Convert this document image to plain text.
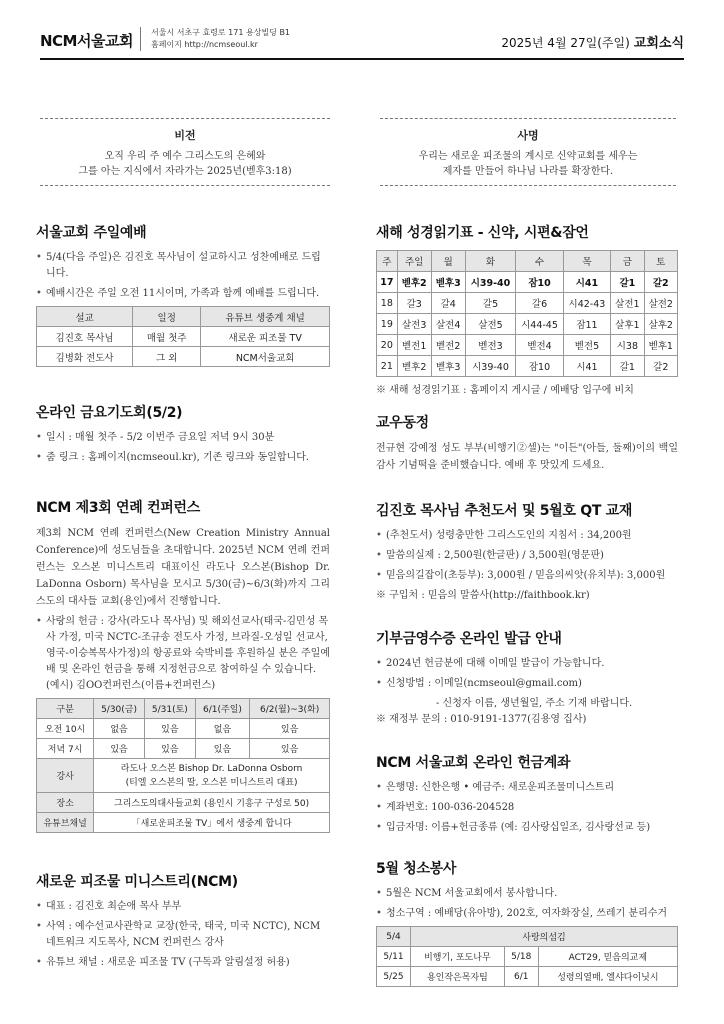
NCM서울교회 서울시 서초구 효령로 171 용상빌딩 B1
홈페이지 http://ncmseoul.kr	2025년 4월 27일(주일) 교회소식
비전
오직 우리 주 예수 그리스도의 은혜와
그를 아는 지식에서 자라가는 2025년(벧후3:18)
서울교회 주일예배
• 5/4(다음 주일)은 김진호 목사님이 설교하시고 성찬예배로 드립니다.
• 예배시간은 주일 오전 11시이며, 가족과 함께 예배를 드립니다.
설교	일정	유튜브 생중계 채널
김진호 목사님	매월 첫주	새로운 피조물 TV
김병화 전도사	그 외	NCM서울교회
온라인 금요기도회(5/2)
• 일시 : 매월 첫주 - 5/2 이번주 금요일 저녁 9시 30분
• 줌 링크 : 홈페이지(ncmseoul.kr), 기존 링크와 동일합니다.
NCM 제3회 연례 컨퍼런스
제3회 NCM 연례 컨퍼런스(New Creation Ministry Annual Conference)에 성도님들을 초대합니다. 2025년 NCM 연례 컨퍼런스는 오스본 미니스트리 대표이신 라도나 오스본(Bishop Dr. LaDonna Osborn) 목사님을 모시고 5/30(금)~6/3(화)까지 그리스도의 대사들 교회(용인)에서 진행합니다.
• 사랑의 헌금 : 강사(라도나 목사님) 및 해외선교사(태국-김민성 목사 가정, 미국 NCTC-조규송 전도사 가정, 브라질-오성일 선교사, 영국-이승복목사가정)의 항공료와 숙박비를 후원하실 분은 주일예배 및 온라인 헌금을 통해 지정헌금으로 참여하실 수 있습니다. (예시) 김OO컨퍼런스(이름+컨퍼런스)
구분	5/30(금)	5/31(토)	6/1(주일)	6/2(월)~3(화)
오전 10시	없음	있음	없음	있음
저녁 7시	있음	있음	있음	있음
강사	라도나 오스본 Bishop Dr. LaDonna Osborn
(티엘 오스본의 딸, 오스본 미니스트리 대표)			

장소	그리스도의대사들교회 (용인시 기흥구 구성로 50)			
유튜브채널	「새로운피조물 TV」에서 생중계 합니다			
새로운 피조물 미니스트리(NCM)
• 대표 : 김진호 최순애 목사 부부
• 사역 : 예수선교사관학교 교장(한국, 태국, 미국 NCTC), NCM 네트워크 지도목사, NCM 컨퍼런스 강사
• 유튜브 채널 : 새로운 피조물 TV (구독과 알림설정 허용)
사명
우리는 새로운 피조물의 계시로 신약교회를 세우는
제자를 만들어 하나님 나라를 확장한다.
새해 성경읽기표 - 신약, 시편&잠언
주	주일	월	화	수	목	금	토
17	벧후2	벧후3	시39-40	잠10	시41	갈1	갈2
18	갈3	갈4	갈5	갈6	시42-43	살전1	살전2
19	살전3	살전4	살전5	시44-45	잠11	살후1	살후2
20	벧전1	벧전2	벧전3	벧전4	벧전5	시38	벧후1
21	벧후2	벧후3	시39-40	잠10	시41	갈1	갈2
※ 새해 성경읽기표 : 홈페이지 게시글 / 예배당 입구에 비치
교우동정
전규현 강예정 성도 부부(비행기②셀)는 "이든"(아들, 둘째)이의 백일 감사 기념떡을 준비했습니다. 예배 후 맛있게 드세요.
김진호 목사님 추천도서 및 5월호 QT 교재
• (추천도서) 성령충만한 그리스도인의 지침서 : 34,200원
• 말씀의실제 : 2,500원(한글판) / 3,500원(영문판)
• 믿음의길잡이(초등부): 3,000원 / 믿음의씨앗(유치부): 3,000원
※ 구입처 : 믿음의 말씀사(http://faithbook.kr)
기부금영수증 온라인 발급 안내
• 2024년 헌금분에 대해 이메일 발급이 가능합니다.
• 신청방법 : 이메일(ncmseoul@gmail.com)
- 신청자 이름, 생년월일, 주소 기재 바랍니다.
※ 재정부 문의 : 010-9191-1377(김용영 집사)
NCM 서울교회 온라인 헌금계좌
• 은행명: 신한은행 • 예금주: 새로운피조물미니스트리
• 계좌번호: 100-036-204528
• 입금자명: 이름+헌금종류 (예: 김사랑십일조, 김사랑선교 등)
5월 청소봉사
• 5월은 NCM 서울교회에서 봉사합니다.
• 청소구역 : 예배당(유아방), 202호, 여자화장실, 쓰레기 분리수거
5/4	사랑의섬김		
5/11	비행기, 포도나무	5/18	ACT29, 믿음의교제
5/25	용인작은목자팀	6/1	성령의열매, 엘샤다이닛시
